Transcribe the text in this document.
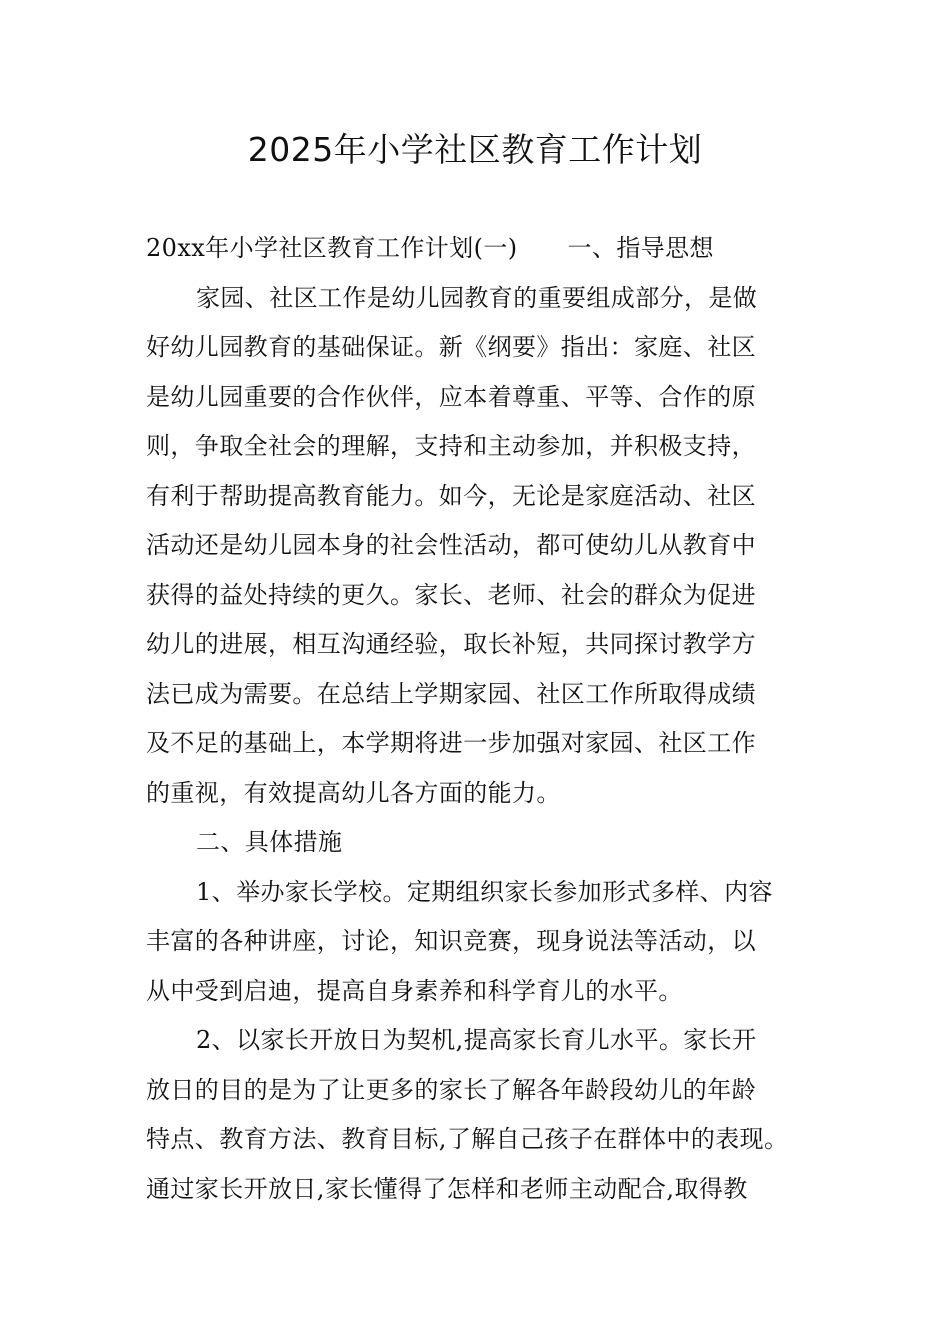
2025年小学社区教育工作计划
20xx年小学社区教育工作计划(一) 一、指导思想
家园、社区工作是幼儿园教育的重要组成部分，是做
好幼儿园教育的基础保证。新《纲要》指出：家庭、社区
是幼儿园重要的合作伙伴，应本着尊重、平等、合作的原
则，争取全社会的理解，支持和主动参加，并积极支持，
有利于帮助提高教育能力。如今，无论是家庭活动、社区
活动还是幼儿园本身的社会性活动，都可使幼儿从教育中
获得的益处持续的更久。家长、老师、社会的群众为促进
幼儿的进展，相互沟通经验，取长补短，共同探讨教学方
法已成为需要。在总结上学期家园、社区工作所取得成绩
及不足的基础上，本学期将进一步加强对家园、社区工作
的重视，有效提高幼儿各方面的能力。
二、具体措施
1、举办家长学校。定期组织家长参加形式多样、内容
丰富的各种讲座，讨论，知识竞赛，现身说法等活动，以
从中受到启迪，提高自身素养和科学育儿的水平。
2、以家长开放日为契机,提高家长育儿水平。家长开
放日的目的是为了让更多的家长了解各年龄段幼儿的年龄
特点、教育方法、教育目标,了解自己孩子在群体中的表现。
通过家长开放日,家长懂得了怎样和老师主动配合,取得教
